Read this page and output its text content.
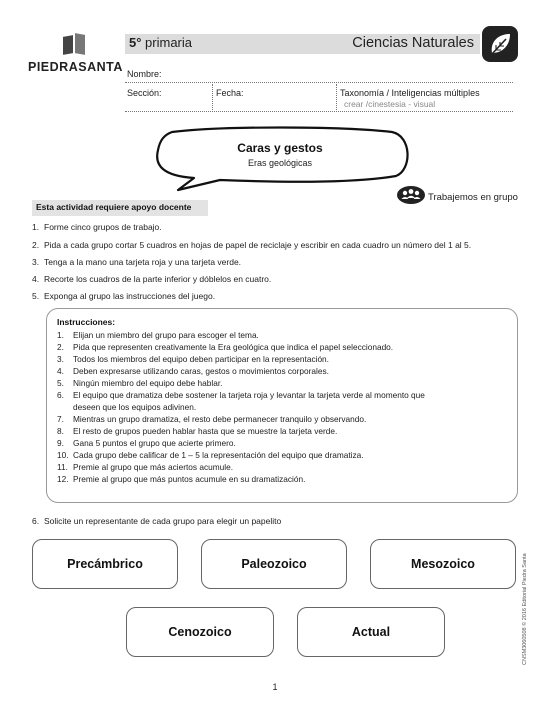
PIEDRASANTA
5° primaria	Ciencias Naturales
Nombre:
Sección:	Fecha:	Taxonomía / Inteligencias múltiples
crear /cinestesia - visual
Caras y gestos
Eras geológicas
Trabajemos en grupo
Esta actividad requiere apoyo docente
1. Forme cinco grupos de trabajo.
2. Pida a cada grupo cortar 5 cuadros en hojas de papel de reciclaje y escribir en cada cuadro un número del 1 al 5.
3. Tenga a la mano una tarjeta roja y una tarjeta verde.
4. Recorte los cuadros de la parte inferior y dóblelos en cuatro.
5. Exponga al grupo las instrucciones del juego.
Instrucciones:
1. Elijan un miembro del grupo para escoger el tema.
2. Pida que representen creativamente la Era geológica que indica el papel seleccionado.
3. Todos los miembros del equipo deben participar en la representación.
4. Deben expresarse utilizando caras, gestos o movimientos corporales.
5. Ningún miembro del equipo debe hablar.
6. El equipo que dramatiza debe sostener la tarjeta roja y levantar la tarjeta verde al momento que
deseen que los equipos adivinen.
7. Mientras un grupo dramatiza, el resto debe permanecer tranquilo y observando.
8. El resto de grupos pueden hablar hasta que se muestre la tarjeta verde.
9. Gana 5 puntos el grupo que acierte primero.
10. Cada grupo debe calificar de 1 – 5 la representación del equipo que dramatiza.
11. Premie al grupo que más aciertos acumule.
12. Premie al grupo que más puntos acumule en su dramatización.
6. Solicite un representante de cada grupo para elegir un papelito
Precámbrico	Paleozoico	Mesozoico
Cenozoico	Actual	CNSM3060508 © 2016 Editorial Piedra Santa
1
